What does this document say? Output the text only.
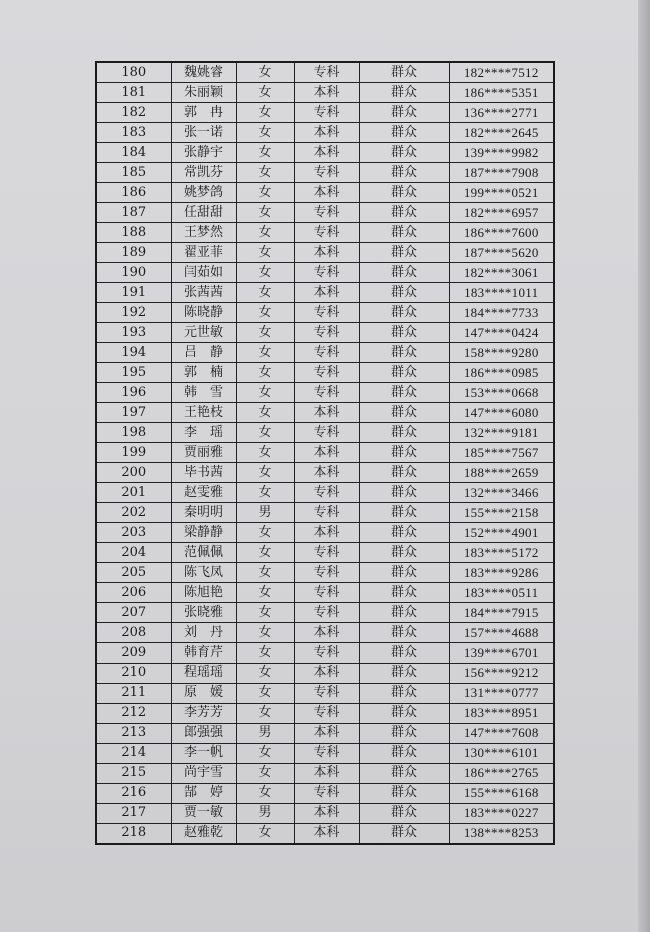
180	魏姚睿	女	专科	群众	182****7512
181	朱丽颖	女	本科	群众	186****5351
182	郭　冉	女	专科	群众	136****2771
183	张一诺	女	本科	群众	182****2645
184	张静宇	女	本科	群众	139****9982
185	常凯芬	女	专科	群众	187****7908
186	姚梦鸽	女	本科	群众	199****0521
187	任甜甜	女	专科	群众	182****6957
188	王梦然	女	专科	群众	186****7600
189	翟亚菲	女	本科	群众	187****5620
190	闫茹如	女	专科	群众	182****3061
191	张茜茜	女	本科	群众	183****1011
192	陈晓静	女	专科	群众	184****7733
193	元世敏	女	专科	群众	147****0424
194	吕　静	女	专科	群众	158****9280
195	郭　楠	女	专科	群众	186****0985
196	韩　雪	女	专科	群众	153****0668
197	王艳枝	女	本科	群众	147****6080
198	李　瑶	女	专科	群众	132****9181
199	贾丽雅	女	本科	群众	185****7567
200	毕书茜	女	本科	群众	188****2659
201	赵雯雅	女	专科	群众	132****3466
202	秦明明	男	专科	群众	155****2158
203	梁静静	女	本科	群众	152****4901
204	范佩佩	女	专科	群众	183****5172
205	陈飞凤	女	专科	群众	183****9286
206	陈旭艳	女	专科	群众	183****0511
207	张晓雅	女	专科	群众	184****7915
208	刘　丹	女	本科	群众	157****4688
209	韩育芹	女	专科	群众	139****6701
210	程瑶瑶	女	本科	群众	156****9212
211	原　媛	女	专科	群众	131****0777
212	李芳芳	女	专科	群众	183****8951
213	郎强强	男	本科	群众	147****7608
214	李一帆	女	专科	群众	130****6101
215	尚宇雪	女	本科	群众	186****2765
216	郜　婷	女	专科	群众	155****6168
217	贾一敏	男	本科	群众	183****0227
218	赵雅乾	女	本科	群众	138****8253
